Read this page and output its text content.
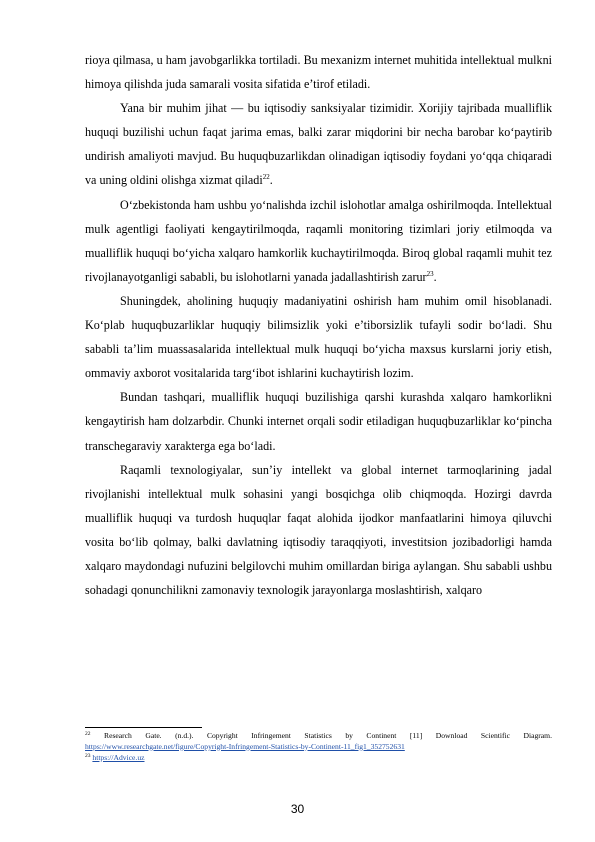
rioya qilmasa, u ham javobgarlikka tortiladi. Bu mexanizm internet muhitida intellektual mulkni himoya qilishda juda samarali vosita sifatida e’tirof etiladi.

Yana bir muhim jihat — bu iqtisodiy sanksiyalar tizimidir. Xorijiy tajribada mualliflik huquqi buzilishi uchun faqat jarima emas, balki zarar miqdorini bir necha barobar ko‘paytirib undirish amaliyoti mavjud. Bu huquqbuzarlikdan olinadigan iqtisodiy foydani yo‘qqa chiqaradi va uning oldini olishga xizmat qiladi$^{22}$.

O‘zbekistonda ham ushbu yo‘nalishda izchil islohotlar amalga oshirilmoqda. Intellektual mulk agentligi faoliyati kengaytirilmoqda, raqamli monitoring tizimlari joriy etilmoqda va mualliflik huquqi bo‘yicha xalqaro hamkorlik kuchaytirilmoqda. Biroq global raqamli muhit tez rivojlanayotganligi sababli, bu islohotlarni yanada jadallashtirish zarur$^{23}$.

Shuningdek, aholining huquqiy madaniyatini oshirish ham muhim omil hisoblanadi. Ko‘plab huquqbuzarliklar huquqiy bilimsizlik yoki e’tiborsizlik tufayli sodir bo‘ladi. Shu sababli ta’lim muassasalarida intellektual mulk huquqi bo‘yicha maxsus kurslarni joriy etish, ommaviy axborot vositalarida targ‘ibot ishlarini kuchaytirish lozim.

Bundan tashqari, mualliflik huquqi buzilishiga qarshi kurashda xalqaro hamkorlikni kengaytirish ham dolzarbdir. Chunki internet orqali sodir etiladigan huquqbuzarliklar ko‘pincha transchegaraviy xarakterga ega bo‘ladi.

Raqamli texnologiyalar, sun’iy intellekt va global internet tarmoqlarining jadal rivojlanishi intellektual mulk sohasini yangi bosqichga olib chiqmoqda. Hozirgi davrda mualliflik huquqi va turdosh huquqlar faqat alohida ijodkor manfaatlarini himoya qiluvchi vosita bo‘lib qolmay, balki davlatning iqtisodiy taraqqiyoti, investitsion jozibadorligi hamda xalqaro maydondagi nufuzini belgilovchi muhim omillardan biriga aylangan. Shu sababli ushbu sohadagi qonunchilikni zamonaviy texnologik jarayonlarga moslashtirish, xalqaro

$^{22}$ Research Gate. (n.d.). Copyright Infringement Statistics by Continent [11] Download Scientific Diagram. https://www.researchgate.net/figure/Copyright-Infringement-Statistics-by-Continent-11_fig1_352752631
$^{23}$ https://Advice.uz
30
